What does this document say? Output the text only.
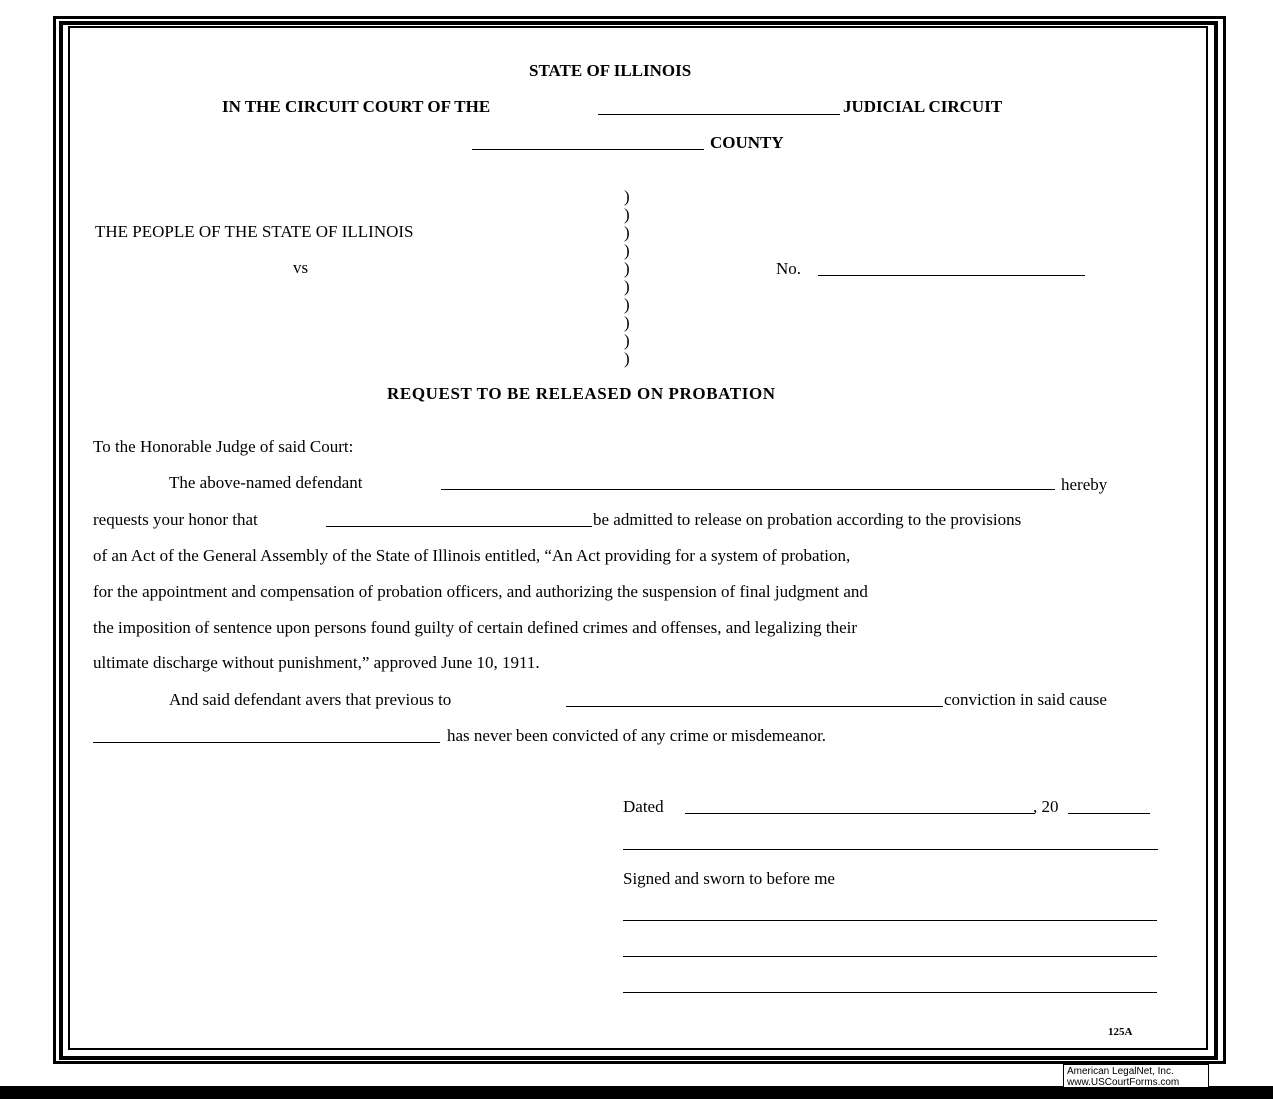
STATE OF ILLINOIS
IN THE CIRCUIT COURT OF THE	JUDICIAL CIRCUIT
COUNTY
THE PEOPLE OF THE STATE OF ILLINOIS
vs
)
)
)
)
)
)
)
)
)
)
No.
REQUEST TO BE RELEASED ON PROBATION
To the Honorable Judge of said Court:
The above-named defendant	hereby
requests your honor that	be admitted to release on probation according to the provisions
of an Act of the General Assembly of the State of Illinois entitled, “An Act providing for a system of probation,
for the appointment and compensation of probation officers, and authorizing the suspension of final judgment and
the imposition of sentence upon persons found guilty of certain defined crimes and offenses, and legalizing their
ultimate discharge without punishment,” approved June 10, 1911.
And said defendant avers that previous to	conviction in said cause
has never been convicted of any crime or misdemeanor.
Dated	, 20
Signed and sworn to before me
125A
American LegalNet, Inc.
www.USCourtForms.com
